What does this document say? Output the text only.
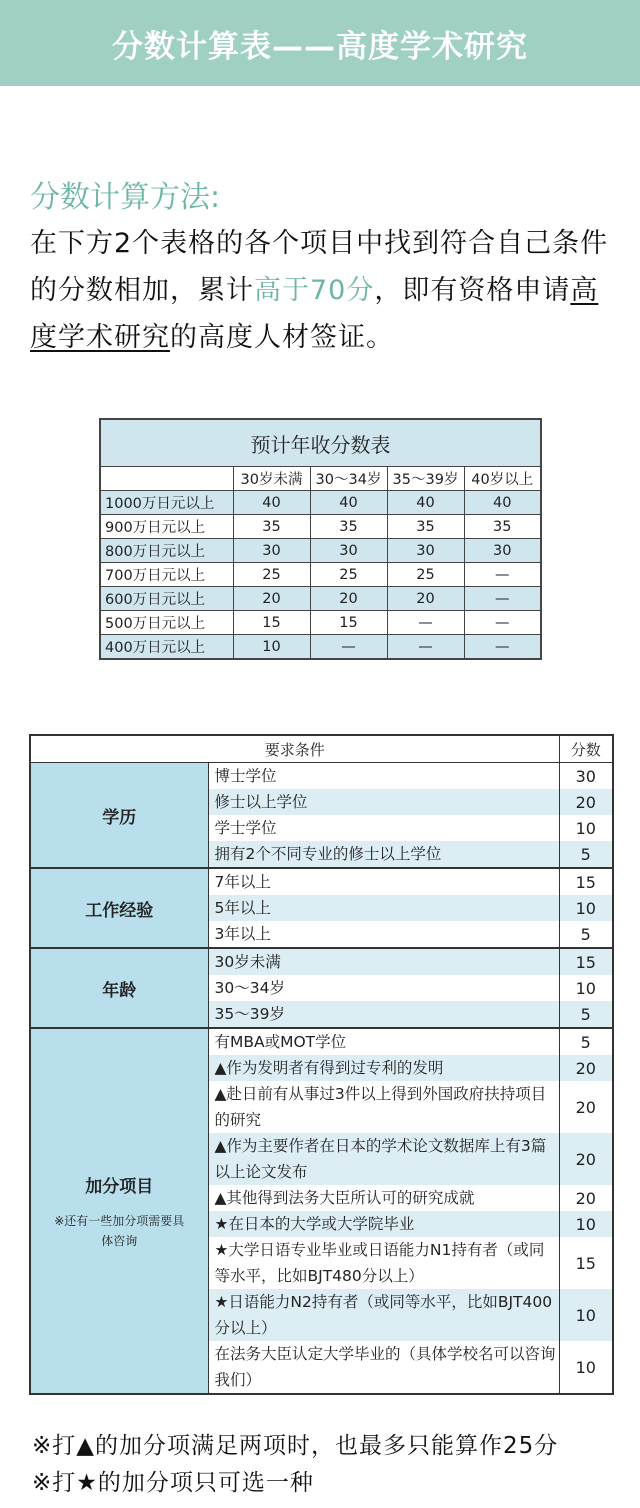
分数计算表——高度学术研究
分数计算方法:
在下方2个表格的各个项目中找到符合自己条件的分数相加，累计高于70分，即有资格申请高度学术研究的高度人材签证。
预计年收分数表				
	30岁未满	30～34岁	35～39岁	40岁以上
1000万日元以上	40	40	40	40
900万日元以上	35	35	35	35
800万日元以上	30	30	30	30
700万日元以上	25	25	25	—
600万日元以上	20	20	20	—
500万日元以上	15	15	—	—
400万日元以上	10	—	—	—
要求条件		分数
学历	博士学位	30
	修士以上学位	20
	学士学位	10
	拥有2个不同专业的修士以上学位	5
工作经验	7年以上	15
	5年以上	10
	3年以上	5
年龄	30岁未满	15
	30～34岁	10
	35～39岁	5
加分项目
※还有一些加分项需要具体咨询	有MBA或MOT学位	5
	▲作为发明者有得到过专利的发明	20
	▲赴日前有从事过3件以上得到外国政府扶持项目的研究	20
	▲作为主要作者在日本的学术论文数据库上有3篇以上论文发布	20
	▲其他得到法务大臣所认可的研究成就	20
	★在日本的大学或大学院毕业	10
	★大学日语专业毕业或日语能力N1持有者（或同等水平，比如BJT480分以上）	15
	★日语能力N2持有者（或同等水平，比如BJT400分以上）	10
	在法务大臣认定大学毕业的（具体学校名可以咨询我们）	10
※打▲的加分项满足两项时，也最多只能算作25分
※打★的加分项只可选一种
